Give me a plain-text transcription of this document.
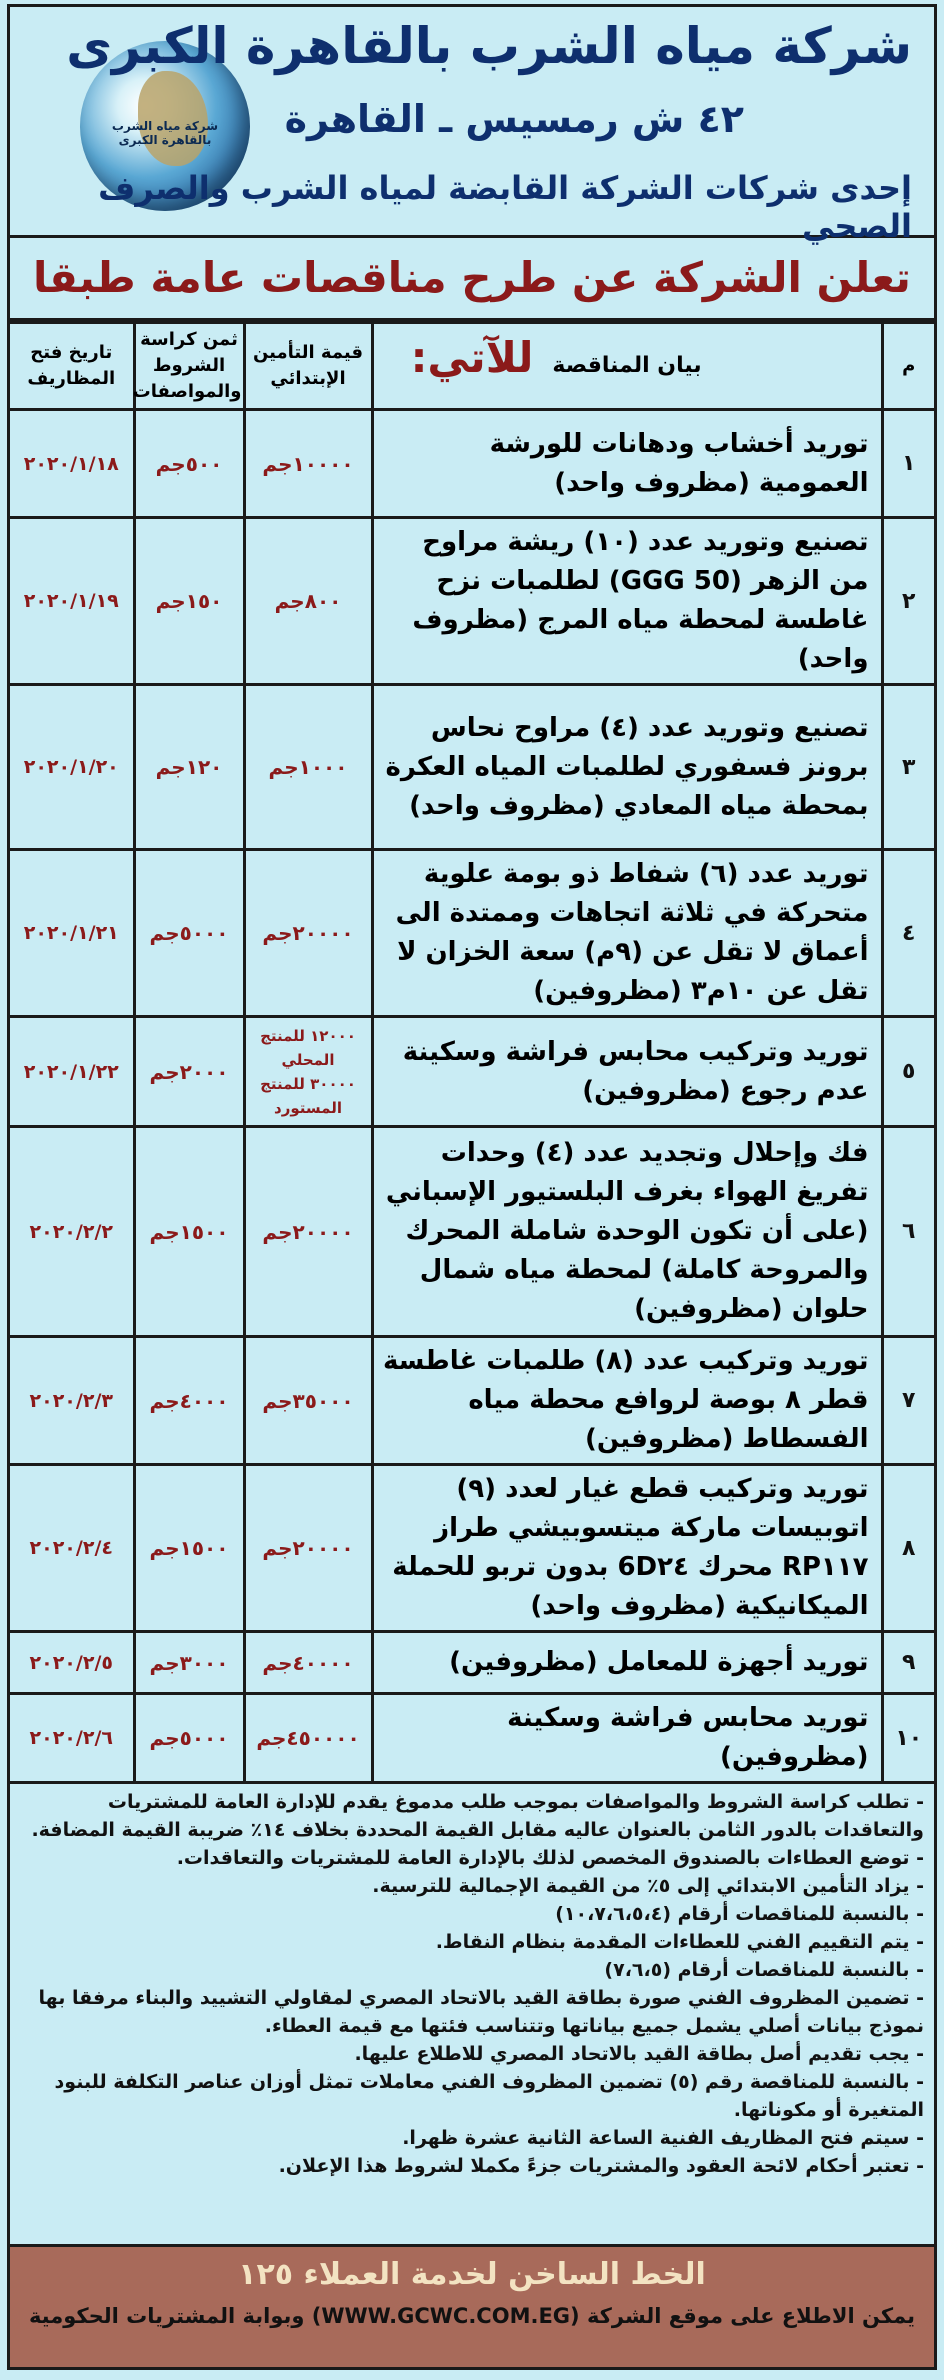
شركة مياه الشرب بالقاهرة الكبرى
شركة مياه الشرب بالقاهرة الكبرى
٤٢ ش رمسيس ـ القاهرة
إحدى شركات الشركة القابضة لمياه الشرب والصرف الصحي
تعلن الشركة عن طرح مناقصات عامة طبقا للآتي:	م	بيان المناقصة	قيمة التأمين الإبتدائي	ثمن كراسة الشروط والمواصفات	تاريخ فتح المظاريف
١	توريد أخشاب ودهانات للورشة العمومية (مظروف واحد)	١٠٠٠٠جم	٥٠٠جم	٢٠٢٠/١/١٨
٢	تصنيع وتوريد عدد (١٠) ريشة مراوح من الزهر (GGG 50) لطلمبات نزح غاطسة لمحطة مياه المرج (مظروف واحد)	٨٠٠جم	١٥٠جم	٢٠٢٠/١/١٩
٣	تصنيع وتوريد عدد (٤) مراوح نحاس برونز فسفوري لطلمبات المياه العكرة بمحطة مياه المعادي (مظروف واحد)	١٠٠٠جم	١٢٠جم	٢٠٢٠/١/٢٠
٤	توريد عدد (٦) شفاط ذو بومة علوية متحركة في ثلاثة اتجاهات وممتدة الى أعماق لا تقل عن (٩م) سعة الخزان لا تقل عن ١٠م٣ (مظروفين)	٢٠٠٠٠جم	٥٠٠٠جم	٢٠٢٠/١/٢١
٥	توريد وتركيب محابس فراشة وسكينة عدم رجوع (مظروفين)	١٢٠٠٠ للمنتج المحلي
٣٠٠٠٠ للمنتج المستورد	٢٠٠٠جم	٢٠٢٠/١/٢٢
٦	فك وإحلال وتجديد عدد (٤) وحدات تفريغ الهواء بغرف البلستيور الإسباني (على أن تكون الوحدة شاملة المحرك والمروحة كاملة) لمحطة مياه شمال حلوان (مظروفين)	٢٠٠٠٠جم	١٥٠٠جم	٢٠٢٠/٢/٢
٧	توريد وتركيب عدد (٨) طلمبات غاطسة قطر ٨ بوصة لروافع محطة مياه الفسطاط (مظروفين)	٣٥٠٠٠جم	٤٠٠٠جم	٢٠٢٠/٢/٣
٨	توريد وتركيب قطع غيار لعدد (٩) اتوبيسات ماركة ميتسوبيشي طراز RP١١٧ محرك 6D٢٤ بدون تربو للحملة الميكانيكية (مظروف واحد)	٢٠٠٠٠جم	١٥٠٠جم	٢٠٢٠/٢/٤
٩	توريد أجهزة للمعامل (مظروفين)	٤٠٠٠٠جم	٣٠٠٠جم	٢٠٢٠/٢/٥
١٠	توريد محابس فراشة وسكينة (مظروفين)	٤٥٠٠٠٠جم	٥٠٠٠جم	٢٠٢٠/٢/٦

- تطلب كراسة الشروط والمواصفات بموجب طلب مدموغ يقدم للإدارة العامة للمشتريات والتعاقدات بالدور الثامن بالعنوان عاليه مقابل القيمة المحددة بخلاف ١٤٪ ضريبة القيمة المضافة.

- توضع العطاءات بالصندوق المخصص لذلك بالإدارة العامة للمشتريات والتعاقدات.

- يزاد التأمين الابتدائي إلى ٥٪ من القيمة الإجمالية للترسية.

- بالنسبة للمناقصات أرقام (١٠،٧،٦،٥،٤)

- يتم التقييم الفني للعطاءات المقدمة بنظام النقاط.

- بالنسبة للمناقصات أرقام (٧،٦،٥)

- تضمين المظروف الفني صورة بطاقة القيد بالاتحاد المصري لمقاولي التشييد والبناء مرفقا بها نموذج بيانات أصلي يشمل جميع بياناتها وتتناسب فئتها مع قيمة العطاء.

- يجب تقديم أصل بطاقة القيد بالاتحاد المصري للاطلاع عليها.

- بالنسبة للمناقصة رقم (٥) تضمين المظروف الفني معاملات تمثل أوزان عناصر التكلفة للبنود المتغيرة أو مكوناتها.

- سيتم فتح المظاريف الفنية الساعة الثانية عشرة ظهرا.

- تعتبر أحكام لائحة العقود والمشتريات جزءً مكملا لشروط هذا الإعلان.

الخط الساخن لخدمة العملاء ١٢٥
يمكن الاطلاع على موقع الشركة (WWW.GCWC.COM.EG) وبوابة المشتريات الحكومية
